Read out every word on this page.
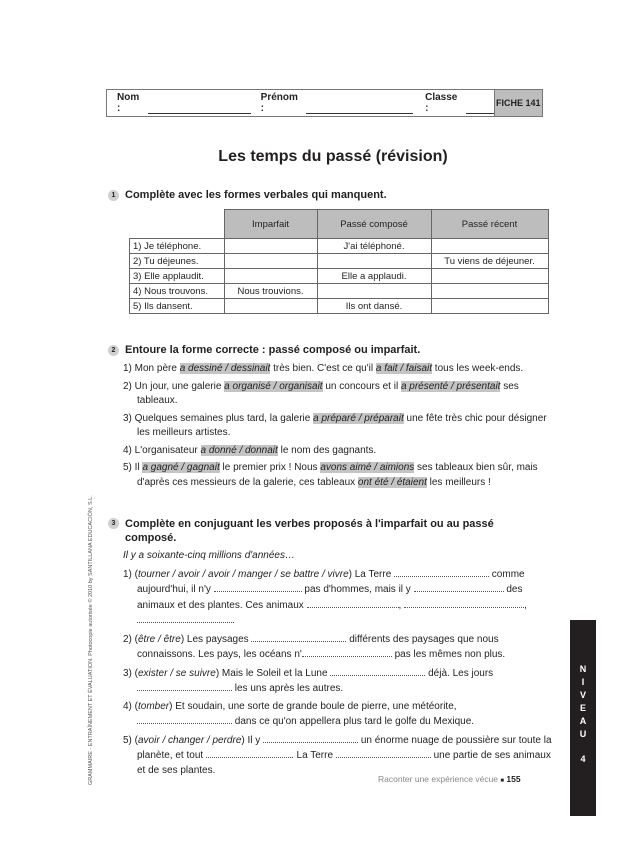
Nom :
Prénom :
Classe :	FICHE 141
Les temps du passé (révision)
1 Complète avec les formes verbales qui manquent.
	Imparfait	Passé composé	Passé récent
1) Je téléphone.		J'ai téléphoné.	
2) Tu déjeunes.			Tu viens de déjeuner.
3) Elle applaudit.		Elle a applaudi.	
4) Nous trouvons.	Nous trouvions.		
5) Ils dansent.		Ils ont dansé.	
2 Entoure la forme correcte : passé composé ou imparfait.
1) Mon père a dessiné / dessinait très bien. C'est ce qu'il a fait / faisait tous les week-ends.
2) Un jour, une galerie a organisé / organisait un concours et il a présenté / présentait ses tableaux.
3) Quelques semaines plus tard, la galerie a préparé / préparait une fête très chic pour désigner les meilleurs artistes.
4) L'organisateur a donné / donnait le nom des gagnants.
5) Il a gagné / gagnait le premier prix ! Nous avons aimé / aimions ses tableaux bien sûr, mais d'après ces messieurs de la galerie, ces tableaux ont été / étaient les meilleurs !
3 Complète en conjuguant les verbes proposés à l'imparfait ou au passé composé.
Il y a soixante-cinq millions d'années…
1) (tourner / avoir / avoir / manger / se battre / vivre) La Terre	comme aujourd'hui, il n'y	pas d'hommes, mais il y	des animaux et des plantes. Ces animaux	,	, .
2) (être / être) Les paysages	différents des paysages que nous connaissons. Les pays, les océans n'	pas les mêmes non plus.
3) (exister / se suivre) Mais le Soleil et la Lune	déjà. Les jours  les uns après les autres.
4) (tomber) Et soudain, une sorte de grande boule de pierre, une météorite,  dans ce qu'on appellera plus tard le golfe du Mexique.
5) (avoir / changer / perdre) Il y	un énorme nuage de poussière sur toute la planète, et tout	. La Terre	une partie de ses animaux et de ses plantes.
Raconter une expérience vécue ■ 155
N
I
V
E
A
U
4
GRAMMAIRE - ENTRAÎNEMENT ET ÉVALUATION. Photocopie autorisée © 2010 by SANTILLANA EDUCACIÓN, S.L.
